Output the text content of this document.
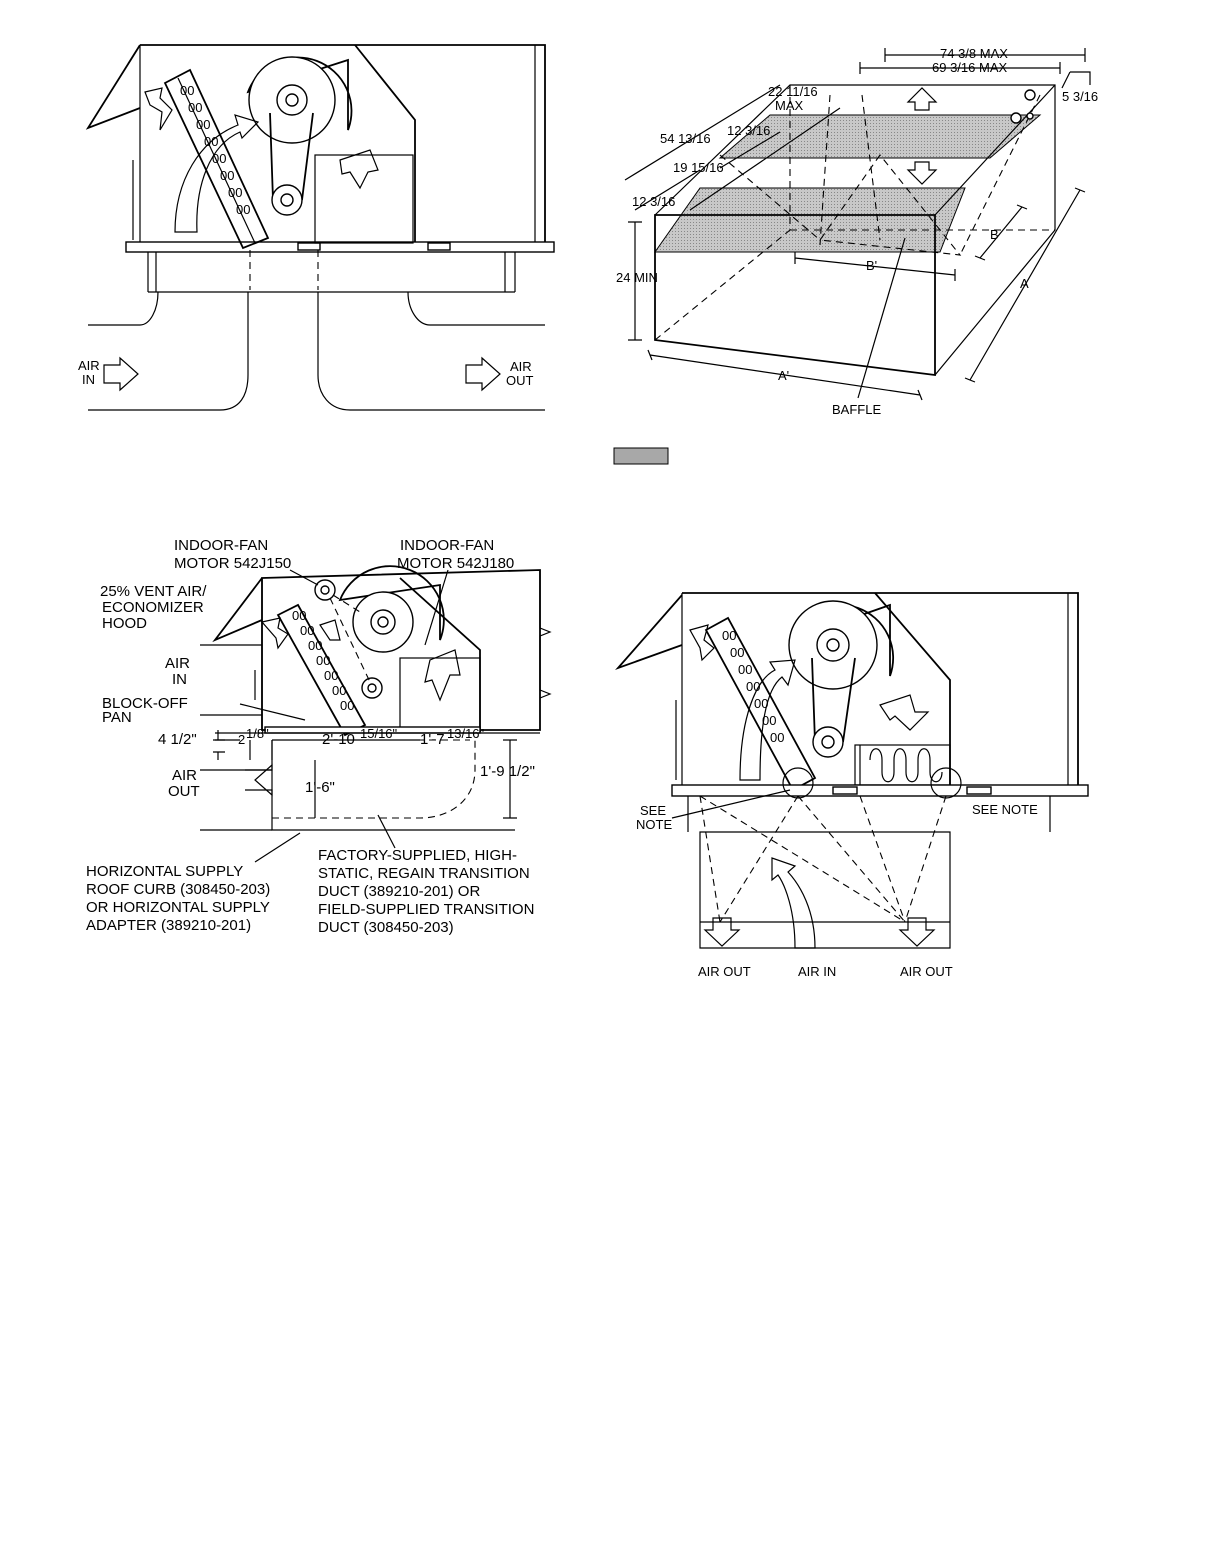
00
00
00
00
00
00
00
00
AIR
IN
AIR
OUT
74 3/8 MAX
69 3/16 MAX
5 3/16
22 11/16
MAX
54 13/16
12 3/16
19 15/16
12 3/16
24 MIN	A
A'
B
B'
BAFFLE
00
00
00
00
00
00
00
INDOOR-FAN
MOTOR 542J150
INDOOR-FAN
MOTOR 542J180
25% VENT AIR/
ECONOMIZER
HOOD
AIR
IN
BLOCK-OFF
PAN
4 1/2"	2 1/8"	2'-10 15/16" 1'-7 13/16"
1'-9 1/2"
AIR
OUT	1'-6"
HORIZONTAL SUPPLY
ROOF CURB (308450-203)
OR HORIZONTAL SUPPLY
ADAPTER (389210-201)
FACTORY-SUPPLIED, HIGH-
STATIC, REGAIN TRANSITION
DUCT (389210-201) OR
FIELD-SUPPLIED TRANSITION
DUCT (308450-203)
00
00
00
00
00
00
00
SEE
NOTE
SEE NOTE
AIR OUT	AIR IN	AIR OUT
